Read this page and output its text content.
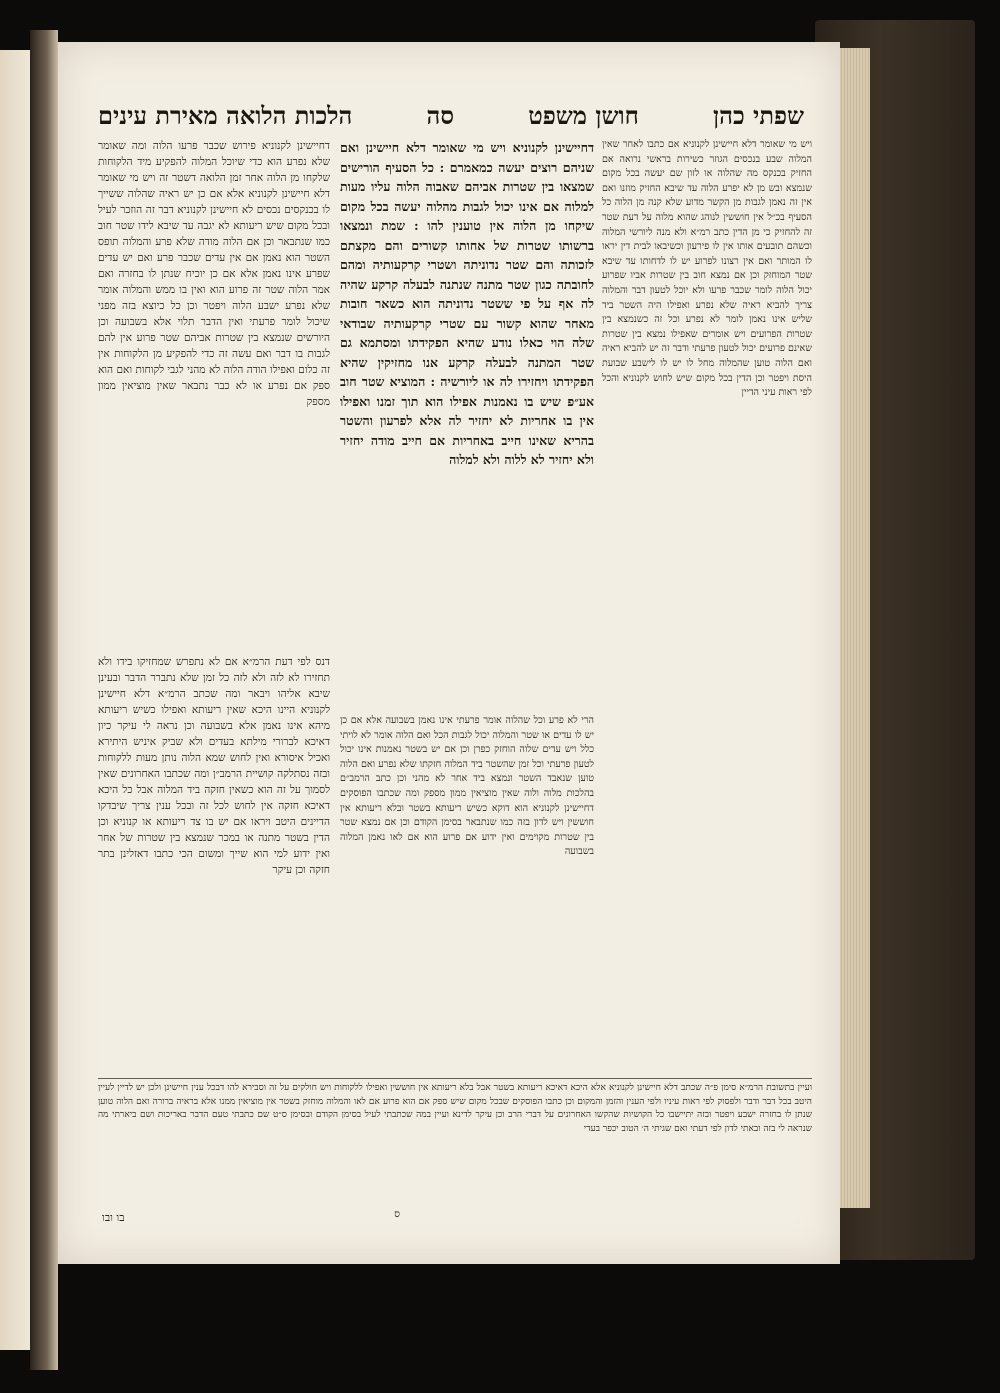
שפתי כהן
חושן משפט
סה
הלכות הלואה מאירת עינים

ויש מי שאומר דלא חיישינן לקנוניא אם כתבו לאחר שאין המלוה שבע בנכסים הגוזר כשירות בראשי נרואה אם החזיק בכנקס מה שהלוה או לזון שם יעשה בכל מקום שנמצא ובש מן לא יפרע הלוה עד שיבא החזיק מוזנו ואם אין זה נאמן לגבות מן הקשר מדוע שלא קנה מן הלוה כל הסעיף בכ״ל אין חוששין לנוהג שהוא מלוה על דעת שטר זה להחזיק כי מן הדין כתב רמ״א ולא מנה ליורשי המלוה וכשהם תובעים אותו אין לו פירעון וכשיבאו לבית דין יראו לו המותר ואם אין רצונו לפרוע יש לו לדחותו עד שיבא שטר המוחזק וכן אם נמצא חוב בין שטרות אביו שפרוע יכול הלוה לומר שכבר פרעו ולא יוכל לטעון דבר והמלוה צריך להביא ראיה שלא נפרע ואפילו היה השטר ביד שליש אינו נאמן לומר לא נפרע וכל זה כשנמצא בין שטרות הפרועים ויש אומרים שאפילו נמצא בין שטרות שאינם פרועים יכול לטעון פרעתי ודבר זה יש להביא ראיה ואם הלוה טוען שהמלוה מחל לו יש לו לישבע שבועת היסת ויפטר וכן הדין בכל מקום שיש לחוש לקנוניא והכל לפי ראות עיני הדיין

דחיישינן לקנוניא ויש מי שאומר דלא חיישינן ואם שניהם רוצים יעשה כמאמרם : כל הסעיף הורישים שמצאו בין שטרות אביהם שאבוה הלוה עליו מעות למלוה אם אינו יכול לגבות מהלוה יעשה בכל מקום שיקחו מן הלוה אין טוענין להו : שמת ונמצאו ברשותו שטרות של אחותו קשורים והם מקצתם לזכותה והם שטר נדוניתה ושטרי קרקעותיה ומהם לחובתה כגון שטר מתנה שנתנה לבעלה קרקע שהיה לה אף על פי ששטר נדוניתה הוא כשאר חובות מאחר שהוא קשור עם שטרי קרקעותיה שבודאי שלה הוי כאלו נודע שהיא הפקידתו ומסתמא גם שטר המתנה לבעלה קרקע אנו מחזיקין שהיא הפקידתו ויחזירו לה או ליורשיה : המוציא שטר חוב אע״פ שיש בו נאמנות אפילו הוא תוך זמנו ואפילו אין בו אחריות לא יחזיר לה אלא לפרעון והשטר בהריא שאינו חייב באחריות אם חייב מודה יחזיר ולא יחזיר לא ללוה ולא למלוה

הרי לא פרע וכל שהלוה אומר פרעתי אינו נאמן בשבועה אלא אם כן יש לו עדים או שטר והמלוה יכול לגבות הכל ואם הלוה אומר לא לויתי כלל ויש עדים שלוה הוחזק כפרן וכן אם יש בשטר נאמנות אינו יכול לטעון פרעתי וכל זמן שהשטר ביד המלוה חזקתו שלא נפרע ואם הלוה טוען שנאבד השטר ונמצא ביד אחר לא מהני וכן כתב הרמב״ם בהלכות מלוה ולוה שאין מוציאין ממון מספק ומה שכתבו הפוסקים דחיישינן לקנוניא הוא דוקא כשיש ריעותא בשטר ובלא ריעותא אין חוששין ויש לדון בזה כמו שנתבאר בסימן הקודם וכן אם נמצא שטר בין שטרות מקוימים ואין ידוע אם פרוע הוא אם לאו נאמן המלוה בשבועה

דחיישינן לקנוניא פירוש שכבר פרעו הלוה ומה שאומר שלא נפרע הוא כדי שיוכל המלוה להפקיע מיד הלקוחות שלקחו מן הלוה אחר זמן הלואה דשטר זה ויש מי שאומר דלא חיישינן לקנוניא אלא אם כן יש ראיה שהלוה ששייך לו בכנקסים נכסים לא חיישינן לקנוניא דבר זה הוזכר לעיל ובכל מקום שיש ריעותא לא יגבה עד שיבא לידו שטר חוב כמו שנתבאר וכן אם הלוה מודה שלא פרע והמלוה תופס השטר הוא נאמן אם אין עדים שכבר פרע ואם יש עדים שפרע אינו נאמן אלא אם כן יוכיח שנתן לו בחזרה ואם אמר הלוה שטר זה פרוע הוא ואין בו ממש והמלוה אומר שלא נפרע ישבע הלוה ויפטר וכן כל כיוצא בזה מפני שיכול לומר פרעתי ואין הדבר תלוי אלא בשבועה וכן היורשים שנמצא בין שטרות אביהם שטר פרוע אין להם לגבות בו דבר ואם עשה זה כדי להפקיע מן הלקוחות אין זה כלום ואפילו הודה הלוה לא מהני לגבי לקוחות ואם הוא ספק אם נפרע או לא כבר נתבאר שאין מוציאין ממון מספק

דנס לפי דעת הרמ״א אם לא נתפרש שמחזיקו בידו ולא תחזירו לא לזה ולא לזה כל זמן שלא נתברר הדבר ובעינן שיבא אליהו ויבאר ומה שכתב הרמ״א דלא חיישינן לקנוניא היינו היכא שאין ריעותא ואפילו כשיש ריעותא מיהא אינו נאמן אלא בשבועה וכן נראה לי עיקר כיון דאיכא לברורי מילתא בעדים ולא שביק איניש היתירא ואכיל איסורא ואין לחוש שמא הלוה נותן מעות ללקוחות ובזה נסתלקה קושיית הרמב״ן ומה שכתבו האחרונים שאין לסמוך על זה הוא כשאין חזקה ביד המלוה אבל כל היכא דאיכא חזקה אין לחוש לכל זה ובכל ענין צריך שיבדקו הדיינים היטב ויראו אם יש בו צד ריעותא או קנוניא וכן הדין בשטר מתנה או במכר שנמצא בין שטרות של אחר ואין ידוע למי הוא שייך ומשום הכי כתבו דאזלינן בתר חזקה וכן עיקר

ועיין בתשובת הרמ״א סימן פ״ה שכתב דלא חיישינן לקנוניא אלא היכא דאיכא ריעותא בשטר אבל בלא ריעותא אין חוששין ואפילו ללקוחות ויש חולקים על זה וסבירא להו דבכל ענין חיישינן ולכן יש לדיין לעיין היטב בכל דבר ודבר ולפסוק לפי ראות עיניו ולפי הענין והזמן והמקום וכן כתבו הפוסקים שבכל מקום שיש ספק אם הוא פרוע אם לאו והמלוה מוחזק בשטר אין מוציאין ממנו אלא בראיה ברורה ואם הלוה טוען שנתן לו בחזרה ישבע ויפטר ובזה יתיישבו כל הקושיות שהקשו האחרונים על דברי הרב וכן עיקר לדינא ועיין במה שכתבתי לעיל בסימן הקודם ובסימן ס״ט שם כתבתי טעם הדבר באריכות ושם ביארתי מה שנראה לי בזה ובאתי לדון לפי דעתי ואם שגיתי ה׳ הטוב יכפר בעדי

בו ובו	ס
